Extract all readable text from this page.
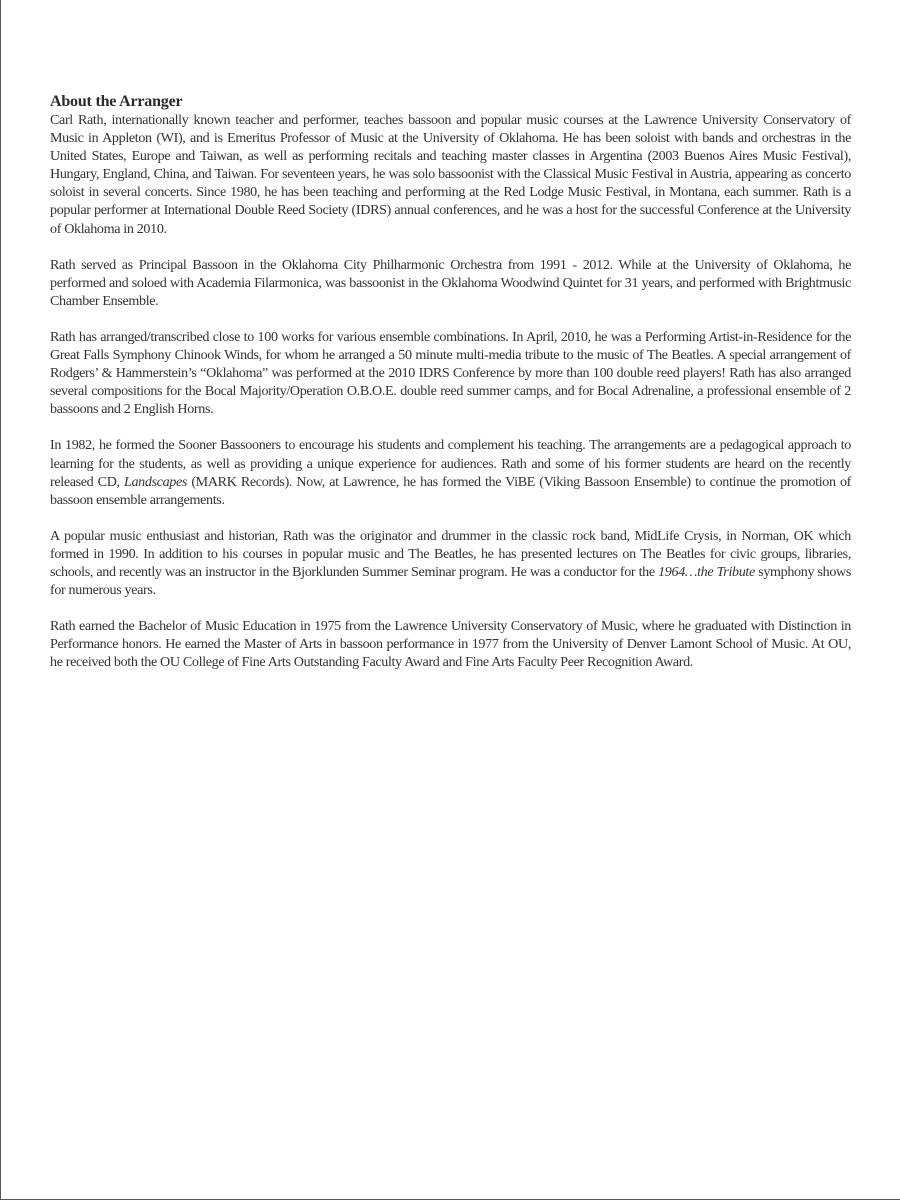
About the Arranger

Carl Rath, internationally known teacher and performer, teaches bassoon and popular music courses at the Lawrence University Conservatory of Music in Appleton (WI), and is Emeritus Professor of Music at the University of Oklahoma. He has been soloist with bands and orchestras in the United States, Europe and Taiwan, as well as performing recitals and teaching master classes in Argentina (2003 Buenos Aires Music Festival), Hungary, England, China, and Taiwan. For seventeen years, he was solo bassoonist with the Classical Music Festival in Austria, appearing as concerto soloist in several concerts. Since 1980, he has been teaching and performing at the Red Lodge Music Festival, in Montana, each summer. Rath is a popular performer at International Double Reed Society (IDRS) annual conferences, and he was a host for the successful Conference at the University of Oklahoma in 2010.

Rath served as Principal Bassoon in the Oklahoma City Philharmonic Orchestra from 1991 - 2012. While at the University of Oklahoma, he performed and soloed with Academia Filarmonica, was bassoonist in the Oklahoma Woodwind Quintet for 31 years, and performed with Brightmusic Chamber Ensemble.

Rath has arranged/transcribed close to 100 works for various ensemble combinations. In April, 2010, he was a Performing Artist-in-Residence for the Great Falls Symphony Chinook Winds, for whom he arranged a 50 minute multi-media tribute to the music of The Beatles. A special arrangement of Rodgers’ & Hammerstein’s “Oklahoma” was performed at the 2010 IDRS Conference by more than 100 double reed players! Rath has also arranged several compositions for the Bocal Majority/Operation O.B.O.E. double reed summer camps, and for Bocal Adrenaline, a professional ensemble of 2 bassoons and 2 English Horns.

In 1982, he formed the Sooner Bassooners to encourage his students and complement his teaching. The arrangements are a pedagogical approach to learning for the students, as well as providing a unique experience for audiences. Rath and some of his former students are heard on the recently released CD, Landscapes (MARK Records). Now, at Lawrence, he has formed the ViBE (Viking Bassoon Ensemble) to continue the promotion of bassoon ensemble arrangements.

A popular music enthusiast and historian, Rath was the originator and drummer in the classic rock band, MidLife Crysis, in Norman, OK which formed in 1990. In addition to his courses in popular music and The Beatles, he has presented lectures on The Beatles for civic groups, libraries, schools, and recently was an instructor in the Bjorklunden Summer Seminar program. He was a conductor for the 1964…the Tribute symphony shows for numerous years.

Rath earned the Bachelor of Music Education in 1975 from the Lawrence University Conservatory of Music, where he graduated with Distinction in Performance honors. He earned the Master of Arts in bassoon performance in 1977 from the University of Denver Lamont School of Music. At OU, he received both the OU College of Fine Arts Outstanding Faculty Award and Fine Arts Faculty Peer Recognition Award.
